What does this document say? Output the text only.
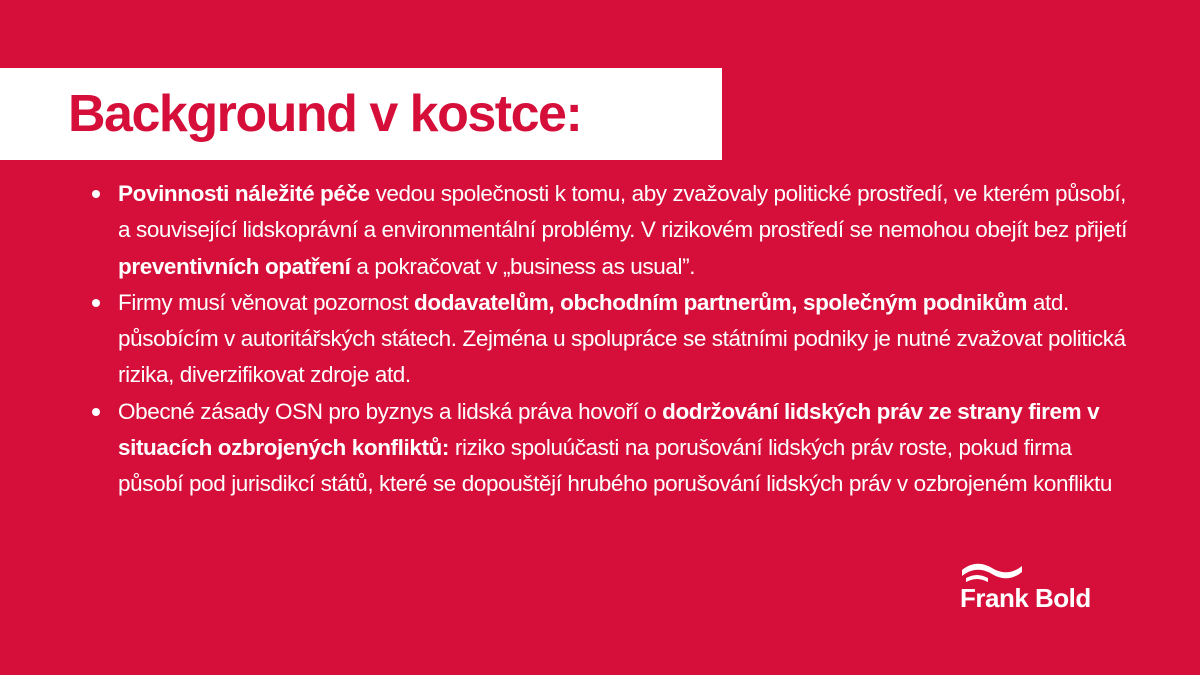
Background v kostce:
Povinnosti náležité péče vedou společnosti k tomu, aby zvažovaly politické prostředí, ve kterém působí, a související lidskoprávní a environmentální problémy. V rizikovém prostředí se nemohou obejít bez přijetí preventivních opatření a pokračovat v „business as usual”.
Firmy musí věnovat pozornost dodavatelům, obchodním partnerům, společným podnikům atd. působícím v autoritářských státech. Zejména u spolupráce se státními podniky je nutné zvažovat politická rizika, diverzifikovat zdroje atd.
Obecné zásady OSN pro byznys a lidská práva hovoří o dodržování lidských práv ze strany firem v situacích ozbrojených konfliktů: riziko spoluúčasti na porušování lidských práv roste, pokud firma působí pod jurisdikcí států, které se dopouštějí hrubého porušování lidských práv v ozbrojeném konfliktu
Frank Bold
